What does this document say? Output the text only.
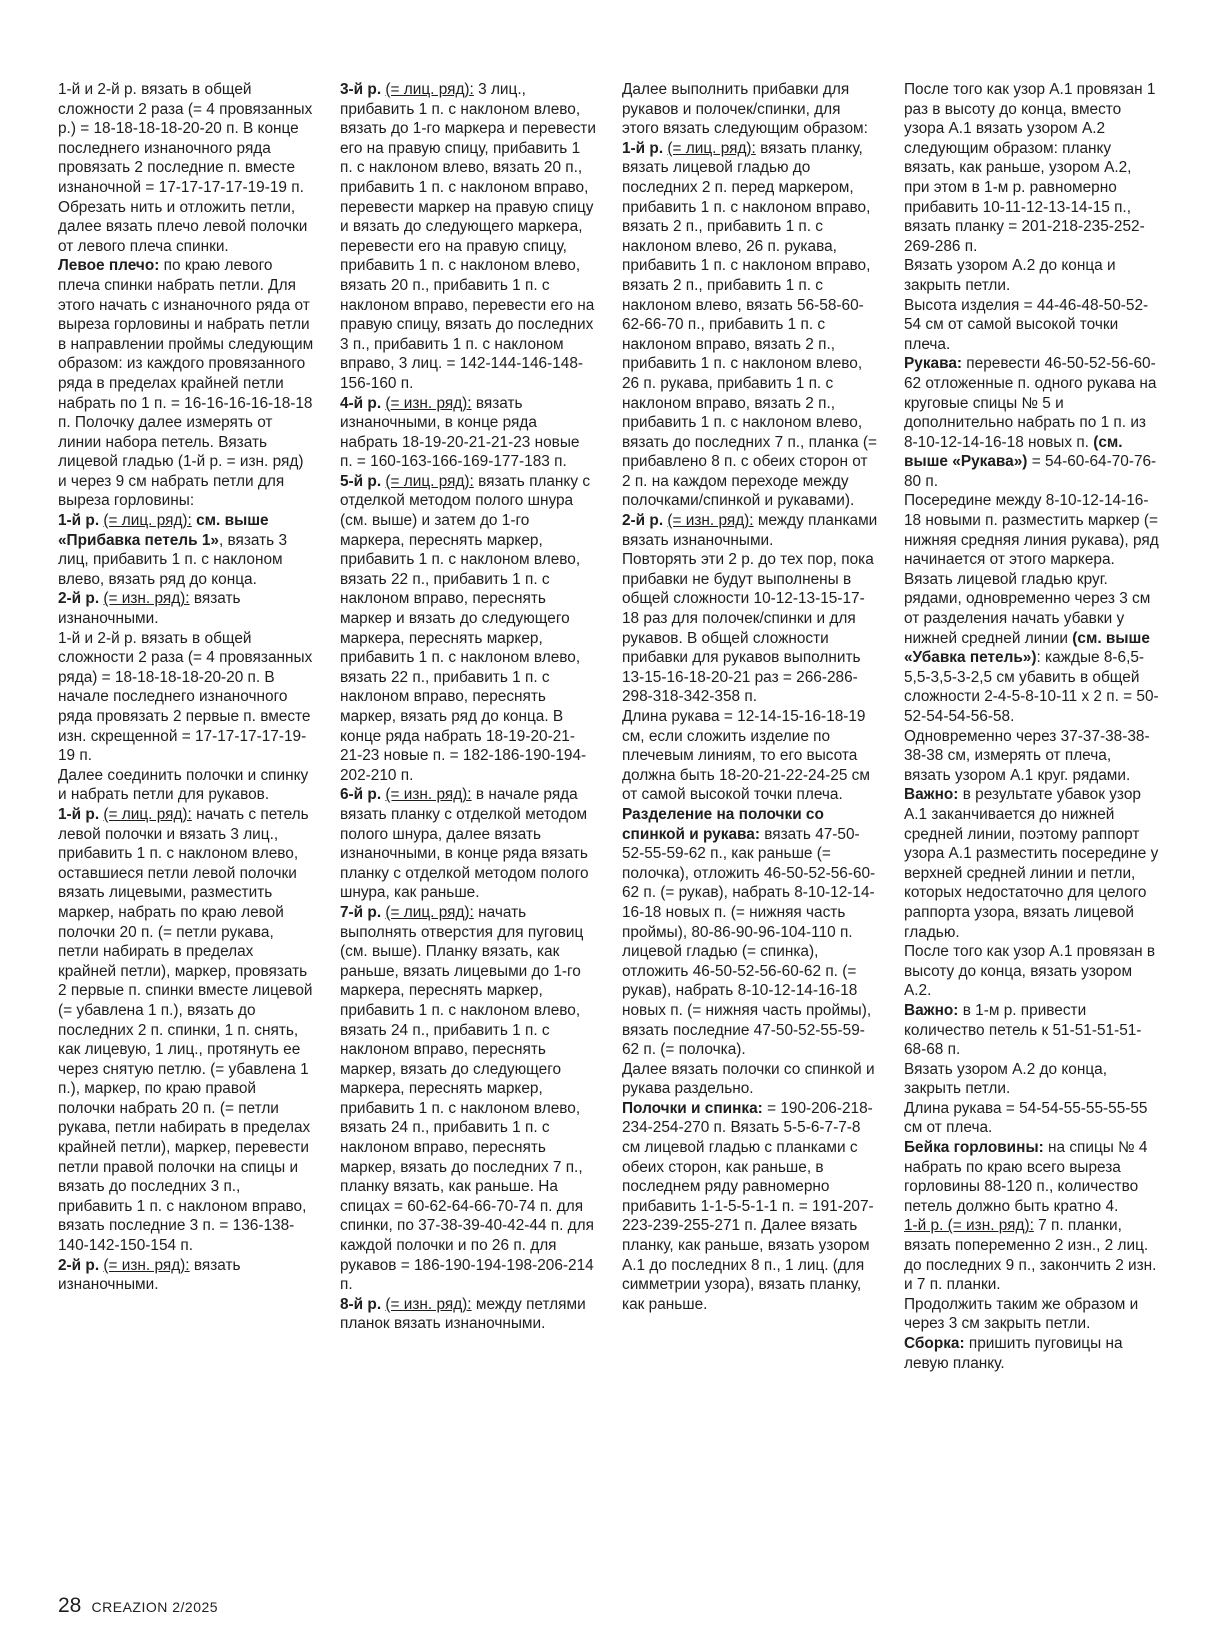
1-й и 2-й р. вязать в общей сложности 2 раза (= 4 провязанных р.) = 18-18-18-18-20-20 п. В конце последнего изнаночного ряда провязать 2 последние п. вместе изнаночной = 17-17-17-17-19-19 п. Обрезать нить и отложить петли, далее вязать плечо левой полочки от левого плеча спинки.
Левое плечо: по краю левого плеча спинки набрать петли. Для этого начать с изнаночного ряда от выреза горловины и набрать петли в направлении проймы следующим образом: из каждого провязанного ряда в пределах крайней петли набрать по 1 п. = 16-16-16-16-18-18 п. Полочку далее измерять от линии набора петель. Вязать лицевой гладью (1-й р. = изн. ряд) и через 9 см набрать петли для выреза горловины:
1-й р. (= лиц. ряд): см. выше «Прибавка петель 1», вязать 3 лиц, прибавить 1 п. с наклоном влево, вязать ряд до конца.
2-й р. (= изн. ряд): вязать изнаночными.
1-й и 2-й р. вязать в общей сложности 2 раза (= 4 провязанных ряда) = 18-18-18-18-20-20 п. В начале последнего изнаночного ряда провязать 2 первые п. вместе изн. скрещенной = 17-17-17-17-19-19 п.
Далее соединить полочки и спинку и набрать петли для рукавов.
1-й р. (= лиц. ряд): начать с петель левой полочки и вязать 3 лиц., прибавить 1 п. с наклоном влево, оставшиеся петли левой полочки вязать лицевыми, разместить маркер, набрать по краю левой полочки 20 п. (= петли рукава, петли набирать в пределах крайней петли), маркер, провязать 2 первые п. спинки вместе лицевой (= убавлена 1 п.), вязать до последних 2 п. спинки, 1 п. снять, как лицевую, 1 лиц., протянуть ее через снятую петлю. (= убавлена 1 п.), маркер, по краю правой полочки набрать 20 п. (= петли рукава, петли набирать в пределах крайней петли), маркер, перевести петли правой полочки на спицы и вязать до последних 3 п., прибавить 1 п. с наклоном вправо, вязать последние 3 п. = 136-138-140-142-150-154 п.
2-й р. (= изн. ряд): вязать изнаночными.
3-й р. (= лиц. ряд): 3 лиц., прибавить 1 п. с наклоном влево, вязать до 1-го маркера и перевести его на правую спицу, прибавить 1 п. с наклоном влево, вязать 20 п., прибавить 1 п. с наклоном вправо, перевести маркер на правую спицу и вязать до следующего маркера, перевести его на правую спицу, прибавить 1 п. с наклоном влево, вязать 20 п., прибавить 1 п. с наклоном вправо, перевести его на правую спицу, вязать до последних 3 п., прибавить 1 п. с наклоном вправо, 3 лиц. = 142-144-146-148-156-160 п.
4-й р. (= изн. ряд): вязать изнаночными, в конце ряда набрать 18-19-20-21-21-23 новые п. = 160-163-166-169-177-183 п.
5-й р. (= лиц. ряд): вязать планку с отделкой методом полого шнура (см. выше) и затем до 1-го маркера, переснять маркер, прибавить 1 п. с наклоном влево, вязать 22 п., прибавить 1 п. с наклоном вправо, переснять маркер и вязать до следующего маркера, переснять маркер, прибавить 1 п. с наклоном влево, вязать 22 п., прибавить 1 п. с наклоном вправо, переснять маркер, вязать ряд до конца. В конце ряда набрать 18-19-20-21-21-23 новые п. = 182-186-190-194-202-210 п.
6-й р. (= изн. ряд): в начале ряда вязать планку с отделкой методом полого шнура, далее вязать изнаночными, в конце ряда вязать планку с отделкой методом полого шнура, как раньше.
7-й р. (= лиц. ряд): начать выполнять отверстия для пуговиц (см. выше). Планку вязать, как раньше, вязать лицевыми до 1-го маркера, переснять маркер, прибавить 1 п. с наклоном влево, вязать 24 п., прибавить 1 п. с наклоном вправо, переснять маркер, вязать до следующего маркера, переснять маркер, прибавить 1 п. с наклоном влево, вязать 24 п., прибавить 1 п. с наклоном вправо, переснять маркер, вязать до последних 7 п., планку вязать, как раньше. На спицах = 60-62-64-66-70-74 п. для спинки, по 37-38-39-40-42-44 п. для каждой полочки и по 26 п. для рукавов = 186-190-194-198-206-214 п.
8-й р. (= изн. ряд): между петлями планок вязать изнаночными.
Далее выполнить прибавки для рукавов и полочек/спинки, для этого вязать следующим образом:
1-й р. (= лиц. ряд): вязать планку, вязать лицевой гладью до последних 2 п. перед маркером, прибавить 1 п. с наклоном вправо, вязать 2 п., прибавить 1 п. с наклоном влево, 26 п. рукава, прибавить 1 п. с наклоном вправо, вязать 2 п., прибавить 1 п. с наклоном влево, вязать 56-58-60-62-66-70 п., прибавить 1 п. с наклоном вправо, вязать 2 п., прибавить 1 п. с наклоном влево, 26 п. рукава, прибавить 1 п. с наклоном вправо, вязать 2 п., прибавить 1 п. с наклоном влево, вязать до последних 7 п., планка (= прибавлено 8 п. с обеих сторон от 2 п. на каждом переходе между полочками/спинкой и рукавами).
2-й р. (= изн. ряд): между планками вязать изнаночными.
Повторять эти 2 р. до тех пор, пока прибавки не будут выполнены в общей сложности 10-12-13-15-17-18 раз для полочек/спинки и для рукавов. В общей сложности прибавки для рукавов выполнить 13-15-16-18-20-21 раз = 266-286-298-318-342-358 п.
Длина рукава = 12-14-15-16-18-19 см, если сложить изделие по плечевым линиям, то его высота должна быть 18-20-21-22-24-25 см от самой высокой точки плеча.
Разделение на полочки со спинкой и рукава: вязать 47-50-52-55-59-62 п., как раньше (= полочка), отложить 46-50-52-56-60-62 п. (= рукав), набрать 8-10-12-14-16-18 новых п. (= нижняя часть проймы), 80-86-90-96-104-110 п. лицевой гладью (= спинка), отложить 46-50-52-56-60-62 п. (= рукав), набрать 8-10-12-14-16-18 новых п. (= нижняя часть проймы), вязать последние 47-50-52-55-59-62 п. (= полочка).
Далее вязать полочки со спинкой и рукава раздельно.
Полочки и спинка: = 190-206-218-234-254-270 п. Вязать 5-5-6-7-7-8 см лицевой гладью с планками с обеих сторон, как раньше, в последнем ряду равномерно прибавить 1-1-5-5-1-1 п. = 191-207-223-239-255-271 п. Далее вязать планку, как раньше, вязать узором А.1 до последних 8 п., 1 лиц. (для симметрии узора), вязать планку, как раньше.
После того как узор А.1 провязан 1 раз в высоту до конца, вместо узора А.1 вязать узором А.2 следующим образом: планку вязать, как раньше, узором А.2, при этом в 1-м р. равномерно прибавить 10-11-12-13-14-15 п., вязать планку = 201-218-235-252-269-286 п.
Вязать узором А.2 до конца и закрыть петли.
Высота изделия = 44-46-48-50-52-54 см от самой высокой точки плеча.
Рукава: перевести 46-50-52-56-60-62 отложенные п. одного рукава на круговые спицы № 5 и дополнительно набрать по 1 п. из 8-10-12-14-16-18 новых п. (см. выше «Рукава») = 54-60-64-70-76-80 п.
Посередине между 8-10-12-14-16-18 новыми п. разместить маркер (= нижняя средняя линия рукава), ряд начинается от этого маркера. Вязать лицевой гладью круг. рядами, одновременно через 3 см от разделения начать убавки у нижней средней линии (см. выше «Убавка петель»): каждые 8-6,5-5,5-3,5-3-2,5 см убавить в общей сложности 2-4-5-8-10-11 х 2 п. = 50-52-54-54-56-58.
Одновременно через 37-37-38-38-38-38 см, измерять от плеча, вязать узором А.1 круг. рядами.
Важно: в результате убавок узор А.1 заканчивается до нижней средней линии, поэтому раппорт узора А.1 разместить посередине у верхней средней линии и петли, которых недостаточно для целого раппорта узора, вязать лицевой гладью.
После того как узор А.1 провязан в высоту до конца, вязать узором А.2.
Важно: в 1-м р. привести количество петель к 51-51-51-51-68-68 п.
Вязать узором А.2 до конца, закрыть петли.
Длина рукава = 54-54-55-55-55-55 см от плеча.
Бейка горловины: на спицы № 4 набрать по краю всего выреза горловины 88-120 п., количество петель должно быть кратно 4.
1-й р. (= изн. ряд): 7 п. планки, вязать попеременно 2 изн., 2 лиц. до последних 9 п., закончить 2 изн. и 7 п. планки.
Продолжить таким же образом и через 3 см закрыть петли.
Сборка: пришить пуговицы на левую планку.
28 CREAZION 2/2025
